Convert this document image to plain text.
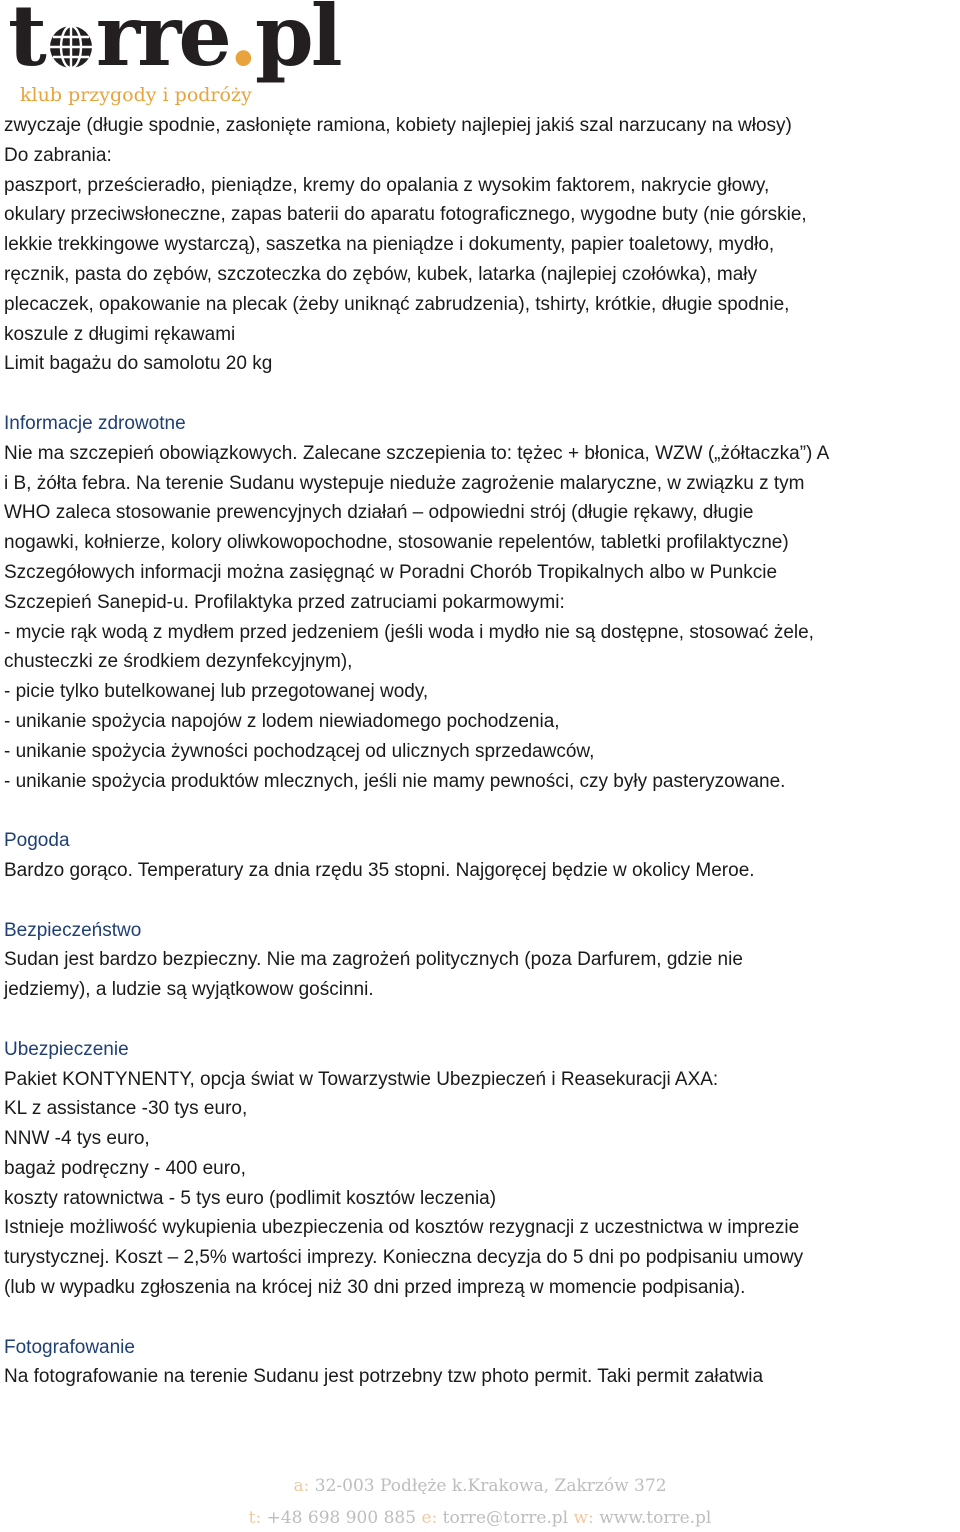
t rre.pl
klub przygody i podróży
zwyczaje (długie spodnie, zasłonięte ramiona, kobiety najlepiej jakiś szal narzucany na włosy)
Do zabrania:
paszport, prześcieradło, pieniądze, kremy do opalania z wysokim faktorem, nakrycie głowy,
okulary przeciwsłoneczne, zapas baterii do aparatu fotograficznego, wygodne buty (nie górskie,
lekkie trekkingowe wystarczą), saszetka na pieniądze i dokumenty, papier toaletowy, mydło,
ręcznik, pasta do zębów, szczoteczka do zębów, kubek, latarka (najlepiej czołówka), mały
plecaczek, opakowanie na plecak (żeby uniknąć zabrudzenia), tshirty, krótkie, długie spodnie,
koszule z długimi rękawami
Limit bagażu do samolotu 20 kg
Informacje zdrowotne
Nie ma szczepień obowiązkowych. Zalecane szczepienia to: tężec + błonica, WZW („żółtaczka”) A
i B, żółta febra. Na terenie Sudanu wystepuje nieduże zagrożenie malaryczne, w związku z tym
WHO zaleca stosowanie prewencyjnych działań – odpowiedni strój (długie rękawy, długie
nogawki, kołnierze, kolory oliwkowopochodne, stosowanie repelentów, tabletki profilaktyczne)
Szczegółowych informacji można zasięgnąć w Poradni Chorób Tropikalnych albo w Punkcie
Szczepień Sanepid-u. Profilaktyka przed zatruciami pokarmowymi:
- mycie rąk wodą z mydłem przed jedzeniem (jeśli woda i mydło nie są dostępne, stosować żele,
chusteczki ze środkiem dezynfekcyjnym),
- picie tylko butelkowanej lub przegotowanej wody,
- unikanie spożycia napojów z lodem niewiadomego pochodzenia,
- unikanie spożycia żywności pochodzącej od ulicznych sprzedawców,
- unikanie spożycia produktów mlecznych, jeśli nie mamy pewności, czy były pasteryzowane.
Pogoda
Bardzo gorąco. Temperatury za dnia rzędu 35 stopni. Najgoręcej będzie w okolicy Meroe.
Bezpieczeństwo
Sudan jest bardzo bezpieczny. Nie ma zagrożeń politycznych (poza Darfurem, gdzie nie
jedziemy), a ludzie są wyjątkowow gościnni.
Ubezpieczenie
Pakiet KONTYNENTY, opcja świat w Towarzystwie Ubezpieczeń i Reasekuracji AXA:
KL z assistance -30 tys euro,
NNW -4 tys euro,
bagaż podręczny - 400 euro,
koszty ratownictwa - 5 tys euro (podlimit kosztów leczenia)
Istnieje możliwość wykupienia ubezpieczenia od kosztów rezygnacji z uczestnictwa w imprezie
turystycznej. Koszt – 2,5% wartości imprezy. Konieczna decyzja do 5 dni po podpisaniu umowy
(lub w wypadku zgłoszenia na krócej niż 30 dni przed imprezą w momencie podpisania).
Fotografowanie
Na fotografowanie na terenie Sudanu jest potrzebny tzw photo permit. Taki permit załatwia
a: 32-003 Podłęże k.Krakowa, Zakrzów 372
t: +48 698 900 885 e: torre@torre.pl w: www.torre.pl
